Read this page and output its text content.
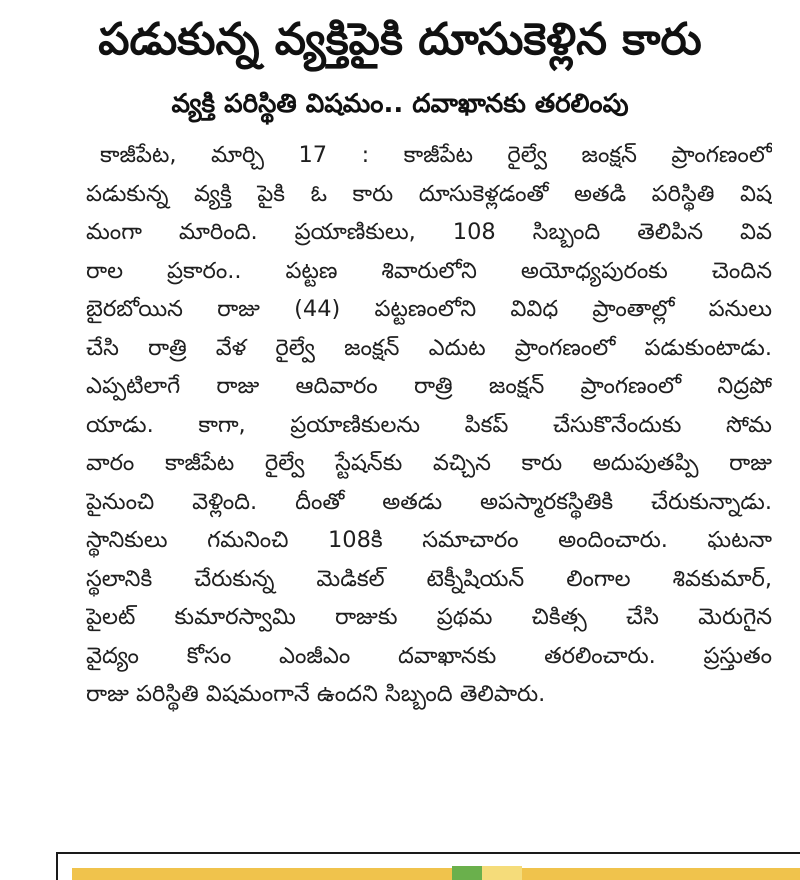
పడుకున్న వ్యక్తిపైకి దూసుకెళ్లిన కారు
వ్యక్తి పరిస్థితి విషమం.. దవాఖానకు తరలింపు
కాజీపేట, మార్చి 17 : కాజీపేట రైల్వే జంక్షన్ ప్రాంగణంలో
పడుకున్న వ్యక్తి పైకి ఓ కారు దూసుకెళ్లడంతో అతడి పరిస్థితి విష
మంగా మారింది. ప్రయాణికులు, 108 సిబ్బంది తెలిపిన వివ
రాల ప్రకారం.. పట్టణ శివారులోని అయోధ్యపురంకు చెందిన
బైరబోయిన రాజు (44) పట్టణంలోని వివిధ ప్రాంతాల్లో పనులు
చేసి రాత్రి వేళ రైల్వే జంక్షన్ ఎదుట ప్రాంగణంలో పడుకుంటాడు.
ఎప్పటిలాగే రాజు ఆదివారం రాత్రి జంక్షన్ ప్రాంగణంలో నిద్రపో
యాడు. కాగా, ప్రయాణికులను పికప్ చేసుకొనేందుకు సోమ
వారం కాజీపేట రైల్వే స్టేషన్‌కు వచ్చిన కారు అదుపుతప్పి రాజు
పైనుంచి వెళ్లింది. దీంతో అతడు అపస్మారకస్థితికి చేరుకున్నాడు.
స్థానికులు గమనించి 108కి సమాచారం అందించారు. ఘటనా
స్థలానికి చేరుకున్న మెడికల్ టెక్నీషియన్ లింగాల శివకుమార్,
పైలట్ కుమారస్వామి రాజుకు ప్రథమ చికిత్స చేసి మెరుగైన
వైద్యం కోసం ఎంజీఎం దవాఖానకు తరలించారు. ప్రస్తుతం
రాజు పరిస్థితి విషమంగానే ఉందని సిబ్బంది తెలిపారు.
